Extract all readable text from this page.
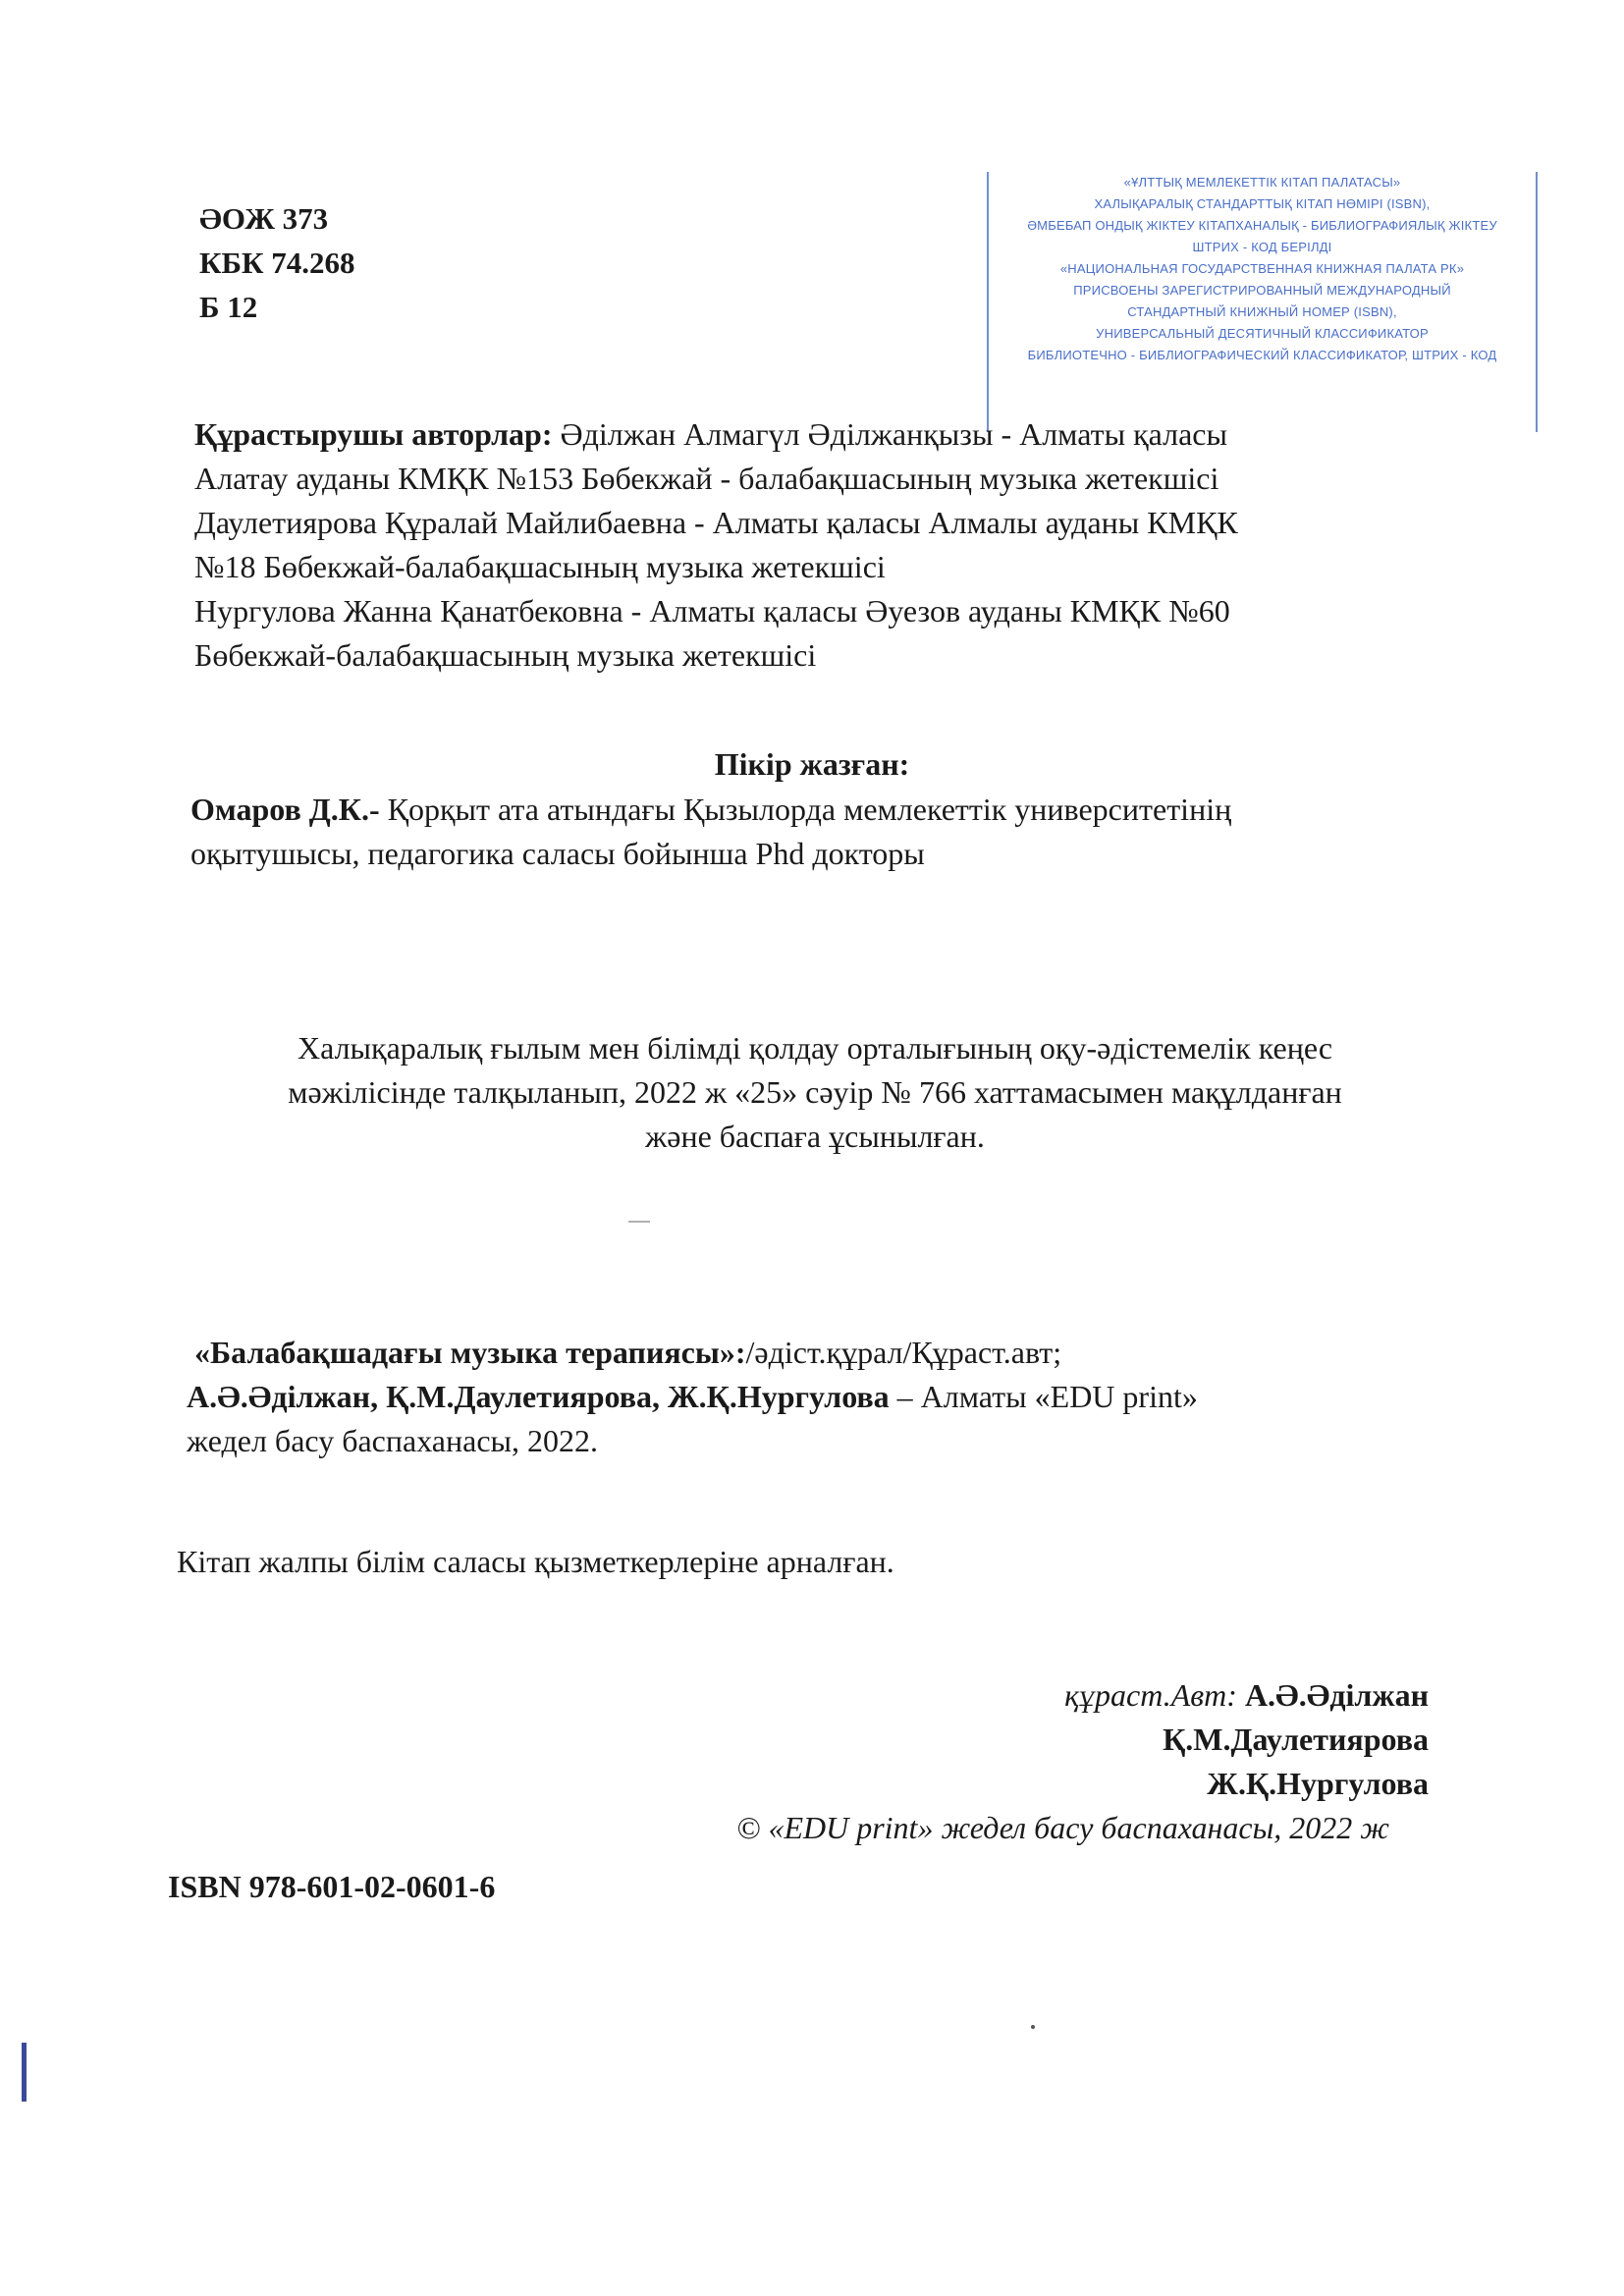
ӘОЖ 373
КБК 74.268
Б 12
«ҰЛТТЫҚ МЕМЛЕКЕТТІК КІТАП ПАЛАТАСЫ»
ХАЛЫҚАРАЛЫҚ СТАНДАРТТЫҚ КІТАП НӨМІРІ (ISBN),
ӘМБЕБАП ОНДЫҚ ЖІКТЕУ КІТАПХАНАЛЫҚ - БИБЛИОГРАФИЯЛЫҚ ЖІКТЕУ
ШТРИХ - КОД БЕРІЛДІ
«НАЦИОНАЛЬНАЯ ГОСУДАРСТВЕННАЯ КНИЖНАЯ ПАЛАТА РК»
ПРИСВОЕНЫ ЗАРЕГИСТРИРОВАННЫЙ МЕЖДУНАРОДНЫЙ
СТАНДАРТНЫЙ КНИЖНЫЙ НОМЕР (ISBN),
УНИВЕРСАЛЬНЫЙ ДЕСЯТИЧНЫЙ КЛАССИФИКАТОР
БИБЛИОТЕЧНО - БИБЛИОГРАФИЧЕСКИЙ КЛАССИФИКАТОР, ШТРИХ - КОД
Құрастырушы авторлар: Әділжан Алмагүл Әділжанқызы - Алматы қаласы
Алатау ауданы КМҚК №153 Бөбекжай - балабақшасының музыка жетекшісі
Даулетиярова Құралай Майлибаевна - Алматы қаласы Алмалы ауданы КМҚК
№18 Бөбекжай-балабақшасының музыка жетекшісі
Нургулова Жанна Қанатбековна - Алматы қаласы Әуезов ауданы КМҚК №60
Бөбекжай-балабақшасының музыка жетекшісі
Пікір жазған:
Омаров Д.К.- Қорқыт ата атындағы Қызылорда мемлекеттік университетінің
оқытушысы, педагогика саласы бойынша Phd докторы
Халықаралық ғылым мен білімді қолдау орталығының оқу-әдістемелік кеңес
мәжілісінде талқыланып, 2022 ж «25» сәуір № 766 хаттамасымен мақұлданған
және баспаға ұсынылған.
«Балабақшадағы музыка терапиясы»:/әдіст.құрал/Құраст.авт;
А.Ә.Әділжан, Қ.М.Даулетиярова, Ж.Қ.Нургулова – Алматы «EDU print»
жедел басу баспаханасы, 2022.
Кітап жалпы білім саласы қызметкерлеріне арналған.
құраст.Авт: А.Ә.Әділжан
Қ.М.Даулетиярова
Ж.Қ.Нургулова
© «EDU print» жедел басу баспаханасы, 2022 ж
ISBN 978-601-02-0601-6
